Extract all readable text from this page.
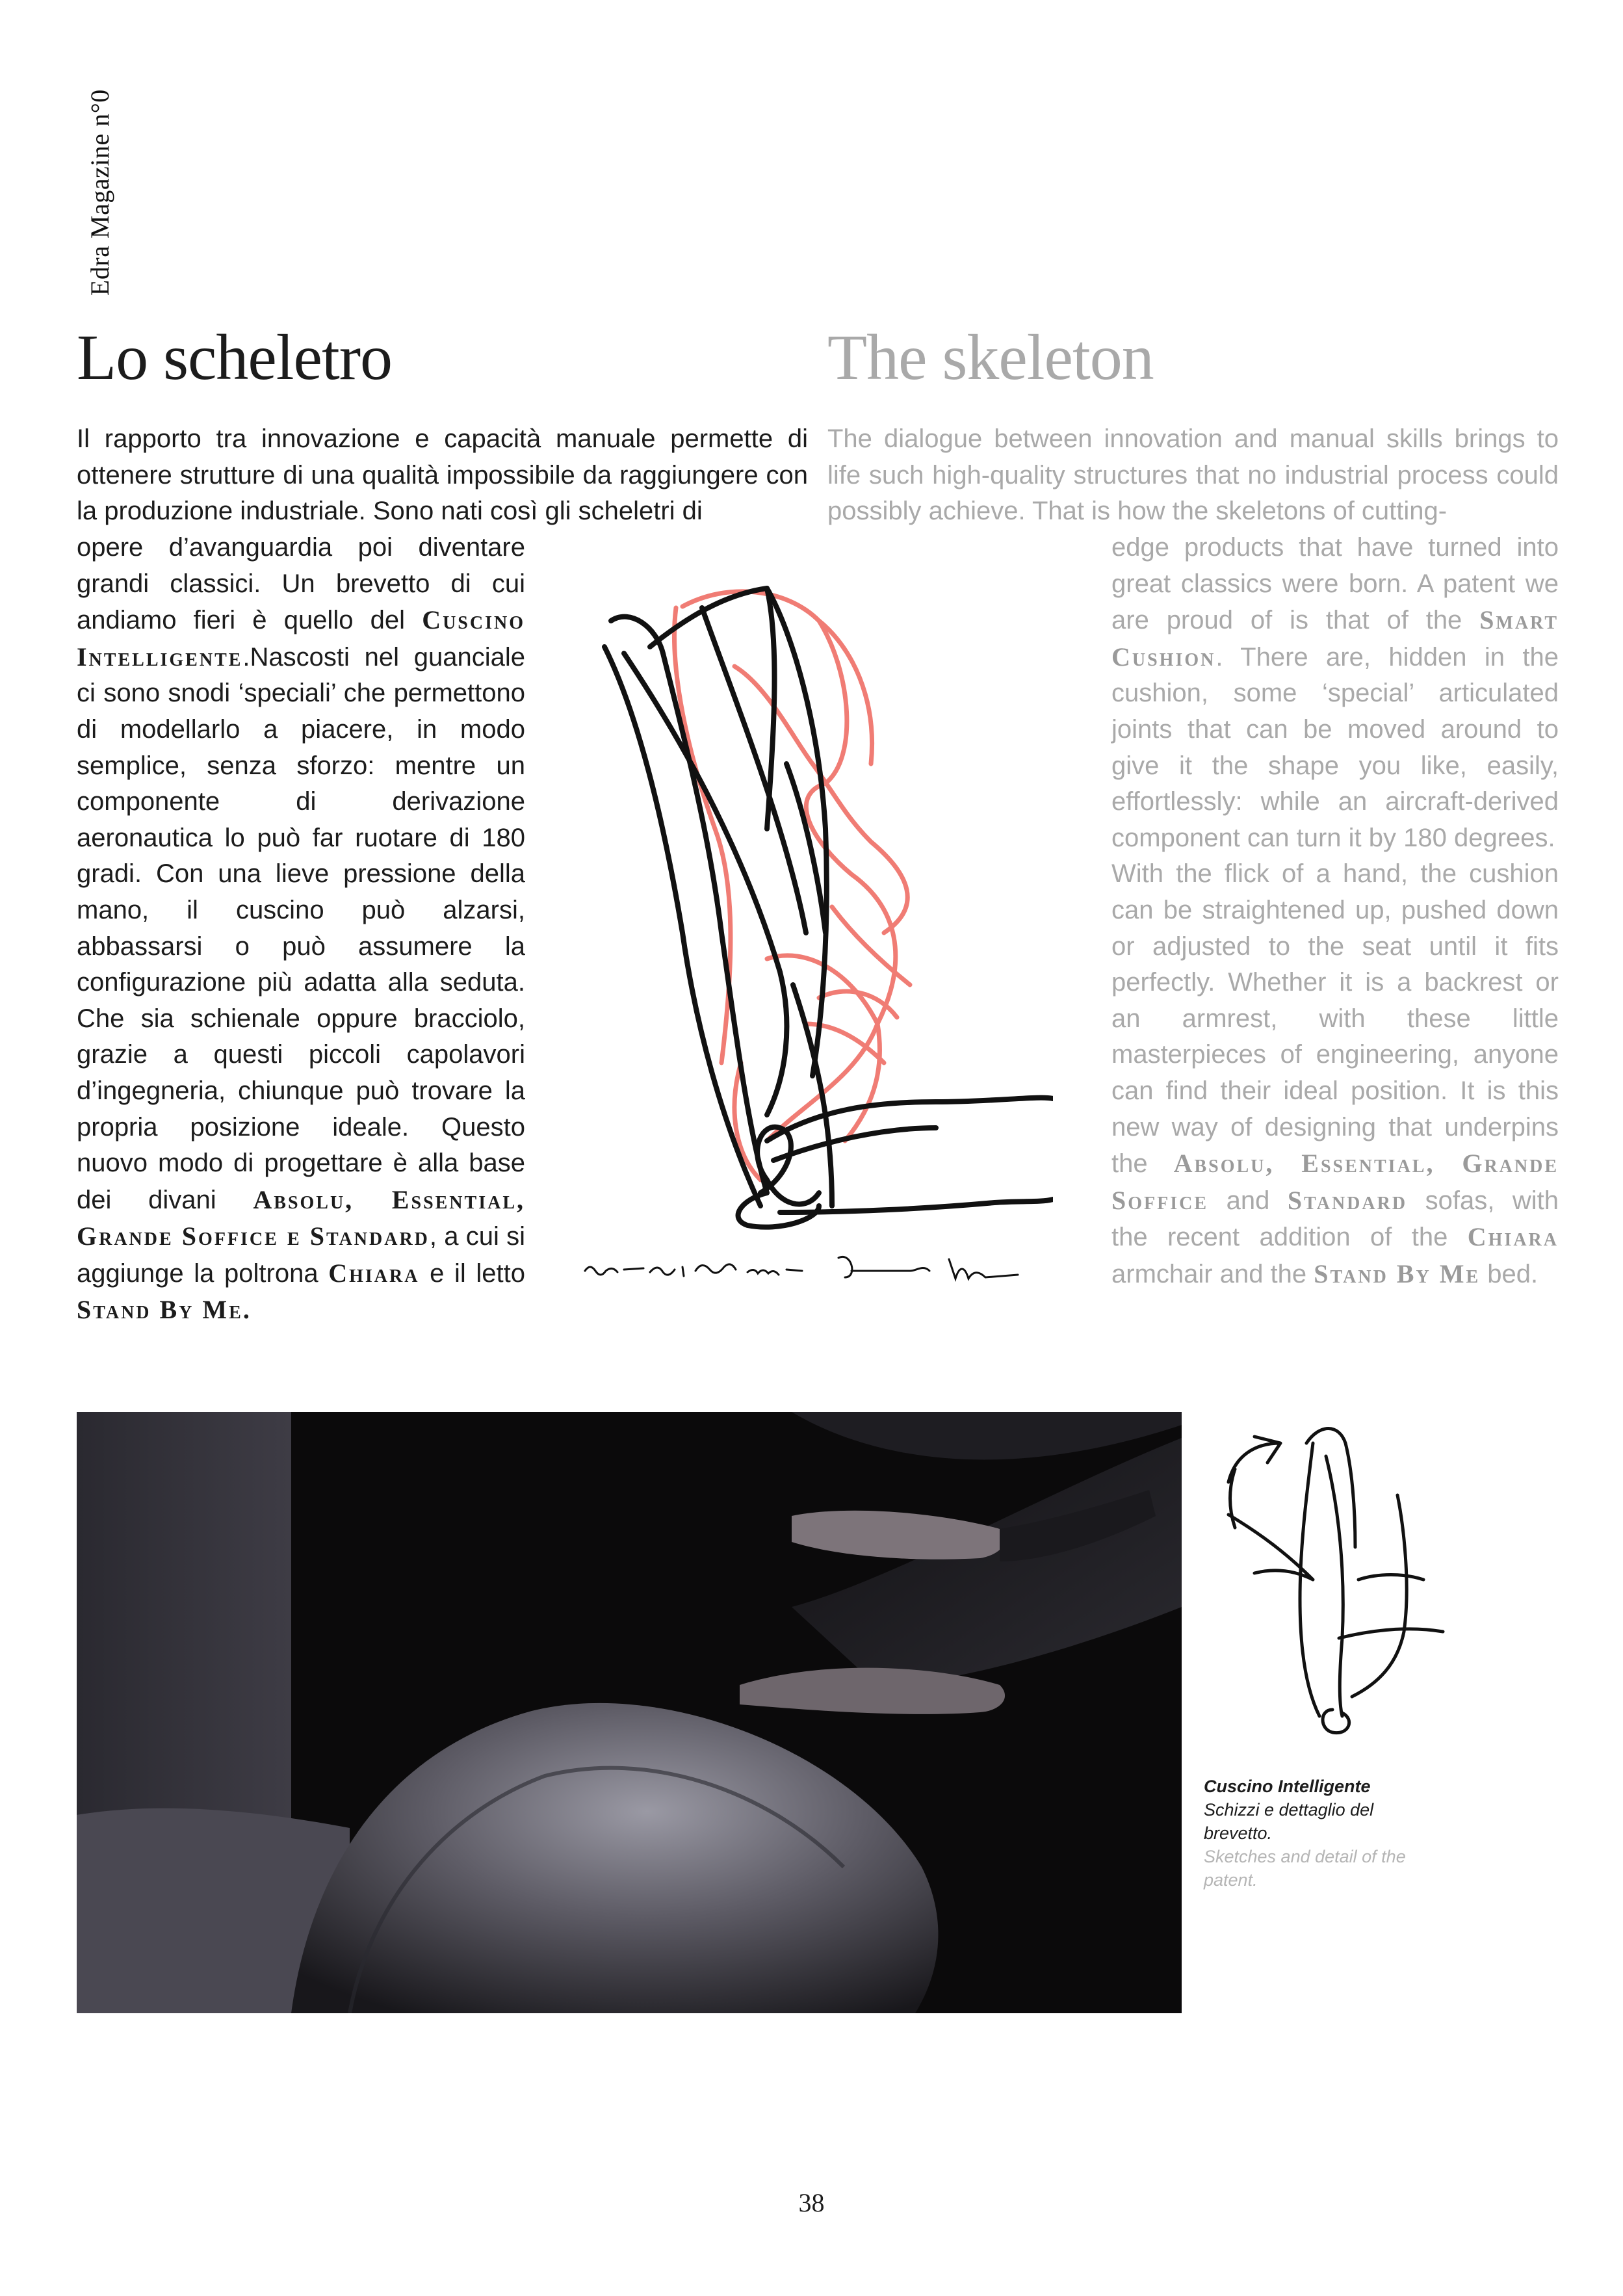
Edra Magazine n°0
Lo scheletro	The skeleton

Il rapporto tra innovazione e capacità manuale permette di ottenere strutture di una qualità impossibile da raggiungere con la produzione industriale. Sono nati così gli scheletri di

opere d’avanguardia poi diventare grandi classici. Un brevetto di cui andiamo fieri è quello del Cuscino Intelligente.Nascosti nel guanciale ci sono snodi ‘speciali’ che permettono di modellarlo a piacere, in modo semplice, senza sforzo: mentre un componente di derivazione aeronautica lo può far ruotare di 180 gradi. Con una lieve pressione della mano, il cuscino può alzarsi, abbassarsi o può assumere la configurazione più adatta alla seduta. Che sia schienale oppure bracciolo, grazie a questi piccoli capolavori d’ingegneria, chiunque può trovare la propria posizione ideale. Questo nuovo modo di progettare è alla base dei divani Absolu, Essential, Grande Soffice e Standard, a cui si aggiunge la poltrona Chiara e il letto Stand By Me.

The dialogue between innovation and manual skills brings to life such high-quality structures that no industrial process could possibly achieve. That is how the skeletons of cutting-

edge products that have turned into great classics were born. A patent we are proud of is that of the Smart Cushion. There are, hidden in the cushion, some ‘special’ articulated joints that can be moved around to give it the shape you like, easily, effortlessly: while an aircraft-derived component can turn it by 180 degrees.
With the flick of a hand, the cushion can be straightened up, pushed down or adjusted to the seat until it fits perfectly. Whether it is a backrest or an armrest, with these little masterpieces of engineering, anyone can find their ideal position. It is this new way of designing that underpins the Absolu, Essential, Grande Soffice and Standard sofas, with the recent addition of the Chiara armchair and the Stand By Me bed.

Cuscino Intelligente
Schizzi e dettaglio del brevetto.
Sketches and detail of the patent.
38
